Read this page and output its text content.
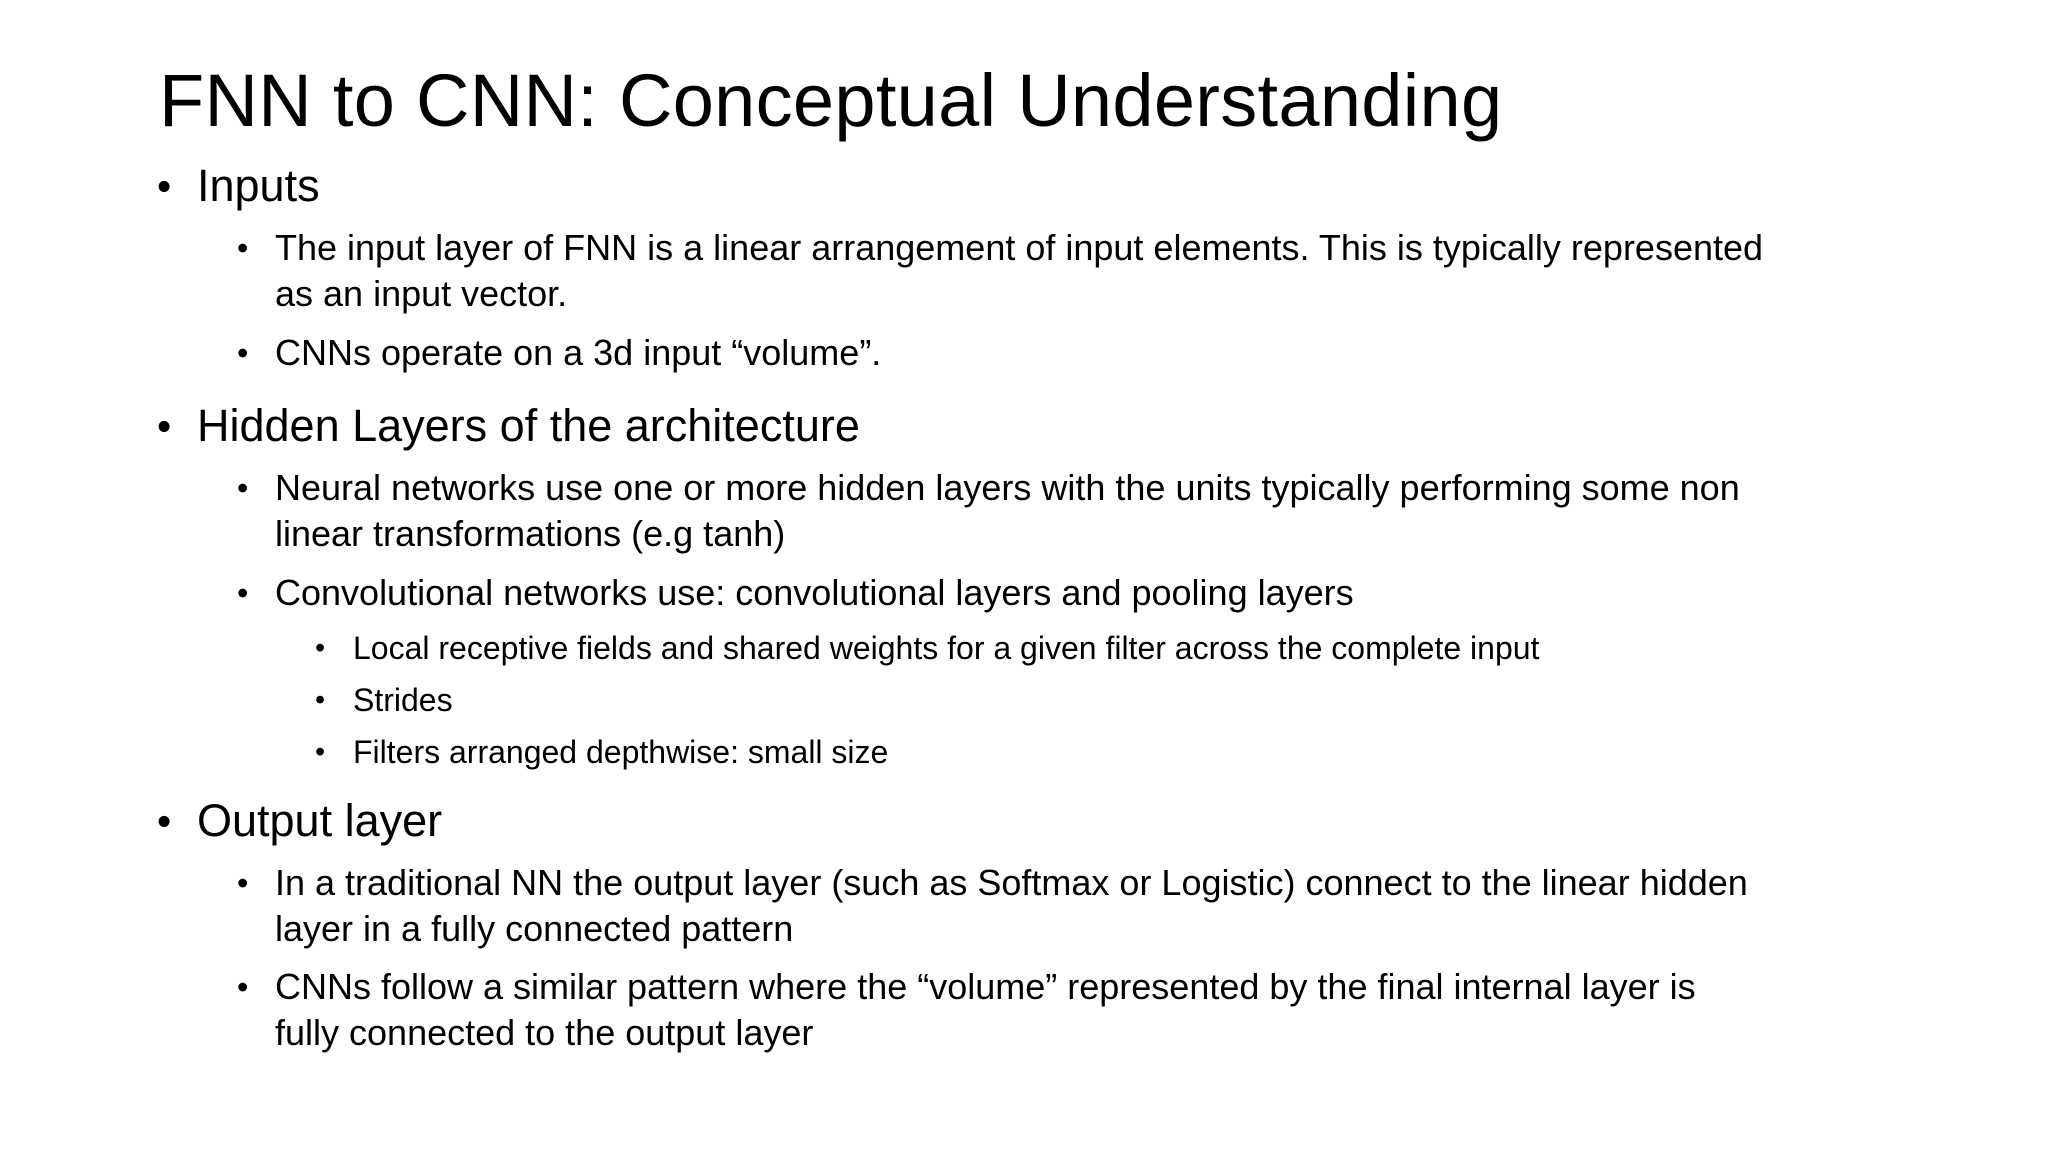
FNN to CNN: Conceptual Understanding
• Inputs
• The input layer of FNN is a linear arrangement of input elements. This is typically represented
as an input vector.
• CNNs operate on a 3d input “volume”.
• Hidden Layers of the architecture
• Neural networks use one or more hidden layers with the units typically performing some non
linear transformations (e.g tanh)
• Convolutional networks use: convolutional layers and pooling layers
• Local receptive fields and shared weights for a given filter across the complete input
• Strides
• Filters arranged depthwise: small size
• Output layer
• In a traditional NN the output layer (such as Softmax or Logistic) connect to the linear hidden
layer in a fully connected pattern
• CNNs follow a similar pattern where the “volume” represented by the final internal layer is
fully connected to the output layer
